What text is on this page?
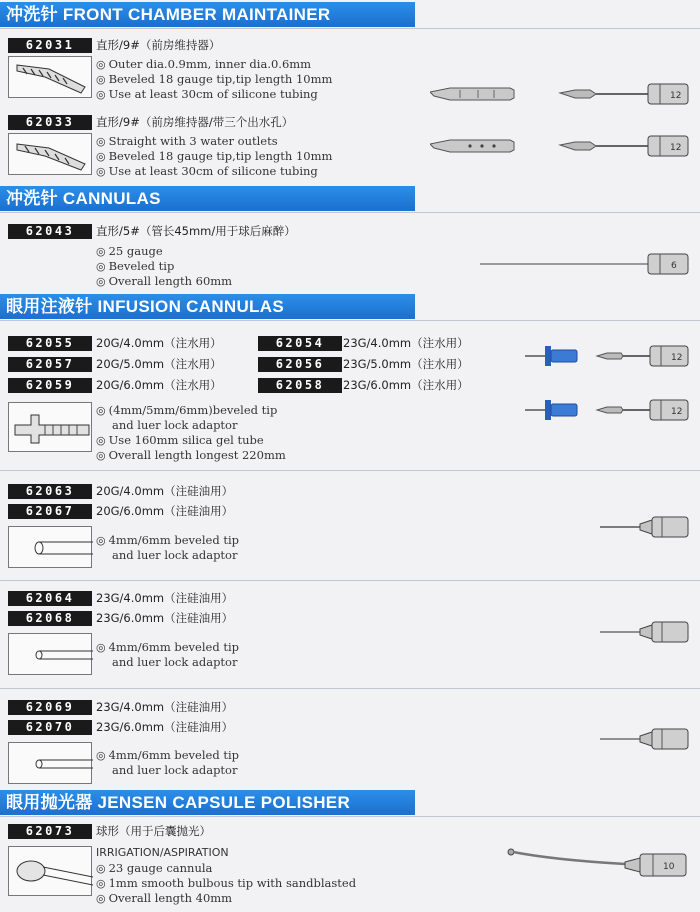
冲洗针 FRONT CHAMBER MAINTAINER
62031	直形/9#（前房维持器）
◎ Outer dia.0.9mm, inner dia.0.6mm
◎ Beveled 18 gauge tip,tip length 10mm
◎ Use at least 30cm of silicone tubing	12
62033	直形/9#（前房维持器/带三个出水孔）
◎ Straight with 3 water outlets
◎ Beveled 18 gauge tip,tip length 10mm
◎ Use at least 30cm of silicone tubing
12
冲洗针 CANNULAS
62043	直形/5#（管长45mm/用于球后麻醉）
◎ 25 gauge
◎ Beveled tip
◎ Overall length 60mm
6
眼用注液针 INFUSION CANNULAS
62055	20G/4.0mm（注水用）	62054	23G/4.0mm（注水用）
62057	20G/5.0mm（注水用）	62056	23G/5.0mm（注水用）
62059	20G/6.0mm（注水用）	62058	23G/6.0mm（注水用）
◎ (4mm/5mm/6mm)beveled tip
and luer lock adaptor
◎ Use 160mm silica gel tube
◎ Overall length longest 220mm
12
12
62063	20G/4.0mm（注硅油用）
62067	20G/6.0mm（注硅油用）
◎ 4mm/6mm beveled tip
and luer lock adaptor
62064	23G/4.0mm（注硅油用）
62068	23G/6.0mm（注硅油用）
◎ 4mm/6mm beveled tip
and luer lock adaptor
62069	23G/4.0mm（注硅油用）
62070	23G/6.0mm（注硅油用）
◎ 4mm/6mm beveled tip
and luer lock adaptor
眼用抛光器 JENSEN CAPSULE POLISHER
62073	球形（用于后囊抛光）
IRRIGATION/ASPIRATION
◎ 23 gauge cannula
◎ 1mm smooth bulbous tip with sandblasted
◎ Overall length 40mm
10
